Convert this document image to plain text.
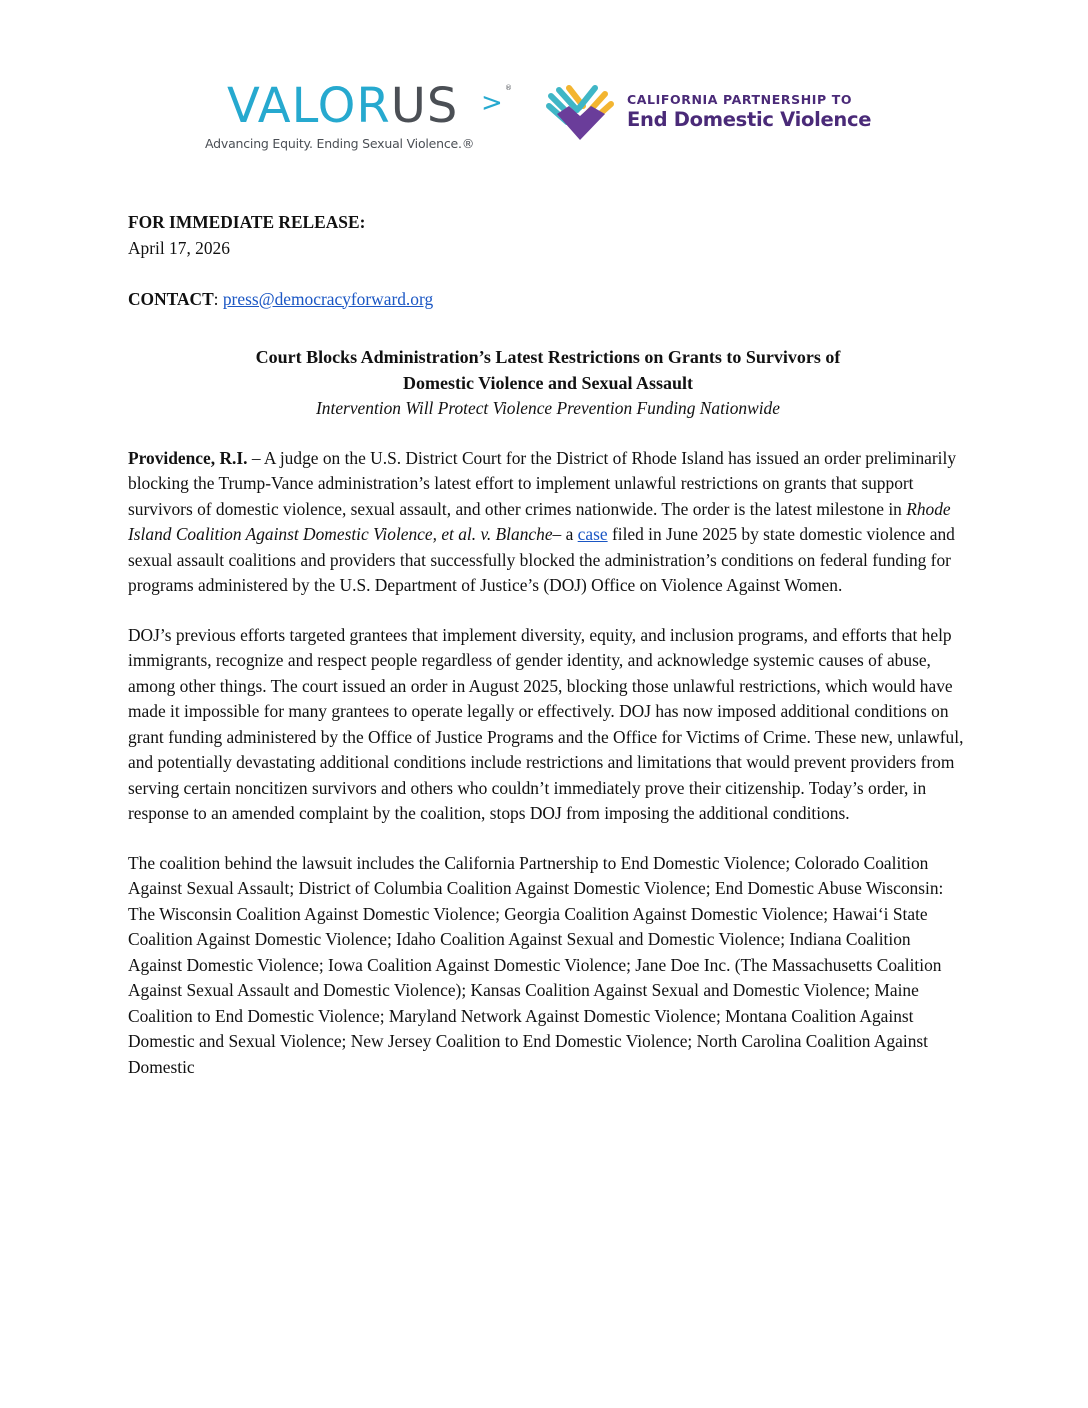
VALORUS > ®
Advancing Equity. Ending Sexual Violence.®
CALIFORNIA PARTNERSHIP TO
End Domestic Violence

FOR IMMEDIATE RELEASE:

April 17, 2026

CONTACT: press@democracyforward.org

Court Blocks Administration’s Latest Restrictions on Grants to Survivors of
Domestic Violence and Sexual Assault

Intervention Will Protect Violence Prevention Funding Nationwide

Providence, R.I. – A judge on the U.S. District Court for the District of Rhode Island has issued an order preliminarily blocking the Trump-Vance administration’s latest effort to implement unlawful restrictions on grants that support survivors of domestic violence, sexual assault, and other crimes nationwide. The order is the latest milestone in Rhode Island Coalition Against Domestic Violence, et al. v. Blanche– a case filed in June 2025 by state domestic violence and sexual assault coalitions and providers that successfully blocked the administration’s conditions on federal funding for programs administered by the U.S. Department of Justice’s (DOJ) Office on Violence Against Women.

DOJ’s previous efforts targeted grantees that implement diversity, equity, and inclusion programs, and efforts that help immigrants, recognize and respect people regardless of gender identity, and acknowledge systemic causes of abuse, among other things. The court issued an order in August 2025, blocking those unlawful restrictions, which would have made it impossible for many grantees to operate legally or effectively. DOJ has now imposed additional conditions on grant funding administered by the Office of Justice Programs and the Office for Victims of Crime. These new, unlawful, and potentially devastating additional conditions include restrictions and limitations that would prevent providers from serving certain noncitizen survivors and others who couldn’t immediately prove their citizenship. Today’s order, in response to an amended complaint by the coalition, stops DOJ from imposing the additional conditions.

The coalition behind the lawsuit includes the California Partnership to End Domestic Violence; Colorado Coalition Against Sexual Assault; District of Columbia Coalition Against Domestic Violence; End Domestic Abuse Wisconsin: The Wisconsin Coalition Against Domestic Violence; Georgia Coalition Against Domestic Violence; Hawai‘i State Coalition Against Domestic Violence; Idaho Coalition Against Sexual and Domestic Violence; Indiana Coalition Against Domestic Violence; Iowa Coalition Against Domestic Violence; Jane Doe Inc. (The Massachusetts Coalition Against Sexual Assault and Domestic Violence); Kansas Coalition Against Sexual and Domestic Violence; Maine Coalition to End Domestic Violence; Maryland Network Against Domestic Violence; Montana Coalition Against Domestic and Sexual Violence; New Jersey Coalition to End Domestic Violence; North Carolina Coalition Against Domestic
